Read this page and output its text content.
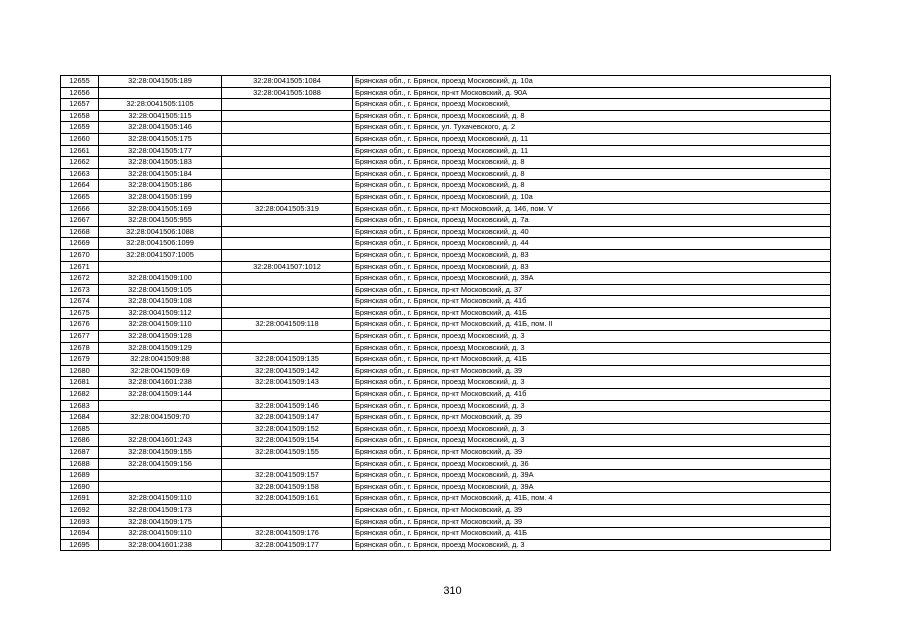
12655	32:28:0041505:189	32:28:0041505:1084	Брянская обл., г. Брянск, проезд Московский, д. 10а
12656		32:28:0041505:1088	Брянская обл., г. Брянск, пр-кт Московский, д. 90А
12657	32:28:0041505:1105		Брянская обл., г. Брянск, проезд Московский,
12658	32:28:0041505:115		Брянская обл., г. Брянск, проезд Московский, д. 8
12659	32:28:0041505:146		Брянская обл., г. Брянск, ул. Тухачевского, д. 2
12660	32:28:0041505:175		Брянская обл., г. Брянск, проезд Московский, д. 11
12661	32:28:0041505:177		Брянская обл., г. Брянск, проезд Московский, д. 11
12662	32:28:0041505:183		Брянская обл., г. Брянск, проезд Московский, д. 8
12663	32:28:0041505:184		Брянская обл., г. Брянск, проезд Московский, д. 8
12664	32:28:0041505:186		Брянская обл., г. Брянск, проезд Московский, д. 8
12665	32:28:0041505:199		Брянская обл., г. Брянск, проезд Московский, д. 10а
12666	32:28:0041505:169	32:28:0041505:319	Брянская обл., г. Брянск, пр-кт Московский, д. 146, пом. V
12667	32:28:0041505:955		Брянская обл., г. Брянск, проезд Московский, д. 7а
12668	32:28:0041506:1088		Брянская обл., г. Брянск, проезд Московский, д. 40
12669	32:28:0041506:1099		Брянская обл., г. Брянск, проезд Московский, д. 44
12670	32:28:0041507:1005		Брянская обл., г. Брянск, проезд Московский, д. 83
12671		32:28:0041507:1012	Брянская обл., г. Брянск, проезд Московский, д. 83
12672	32:28:0041509:100		Брянская обл., г. Брянск, проезд Московский, д. 39А
12673	32:28:0041509:105		Брянская обл., г. Брянск, пр-кт Московский, д. 37
12674	32:28:0041509:108		Брянская обл., г. Брянск, пр-кт Московский, д. 41б
12675	32:28:0041509:112		Брянская обл., г. Брянск, пр-кт Московский, д. 41Б
12676	32:28:0041509:110	32:28:0041509:118	Брянская обл., г. Брянск, пр-кт Московский, д. 41Б, пом. II
12677	32:28:0041509:128		Брянская обл., г. Брянск, проезд Московский, д. 3
12678	32:28:0041509:129		Брянская обл., г. Брянск, проезд Московский, д. 3
12679	32:28:0041509:88	32:28:0041509:135	Брянская обл., г. Брянск, пр-кт Московский, д. 41Б
12680	32:28:0041509:69	32:28:0041509:142	Брянская обл., г. Брянск, пр-кт Московский, д. 39
12681	32:28:0041601:238	32:28:0041509:143	Брянская обл., г. Брянск, проезд Московский, д. 3
12682	32:28:0041509:144		Брянская обл., г. Брянск, пр-кт Московский, д. 41б
12683		32:28:0041509:146	Брянская обл., г. Брянск, проезд Московский, д. 3
12684	32:28:0041509:70	32:28:0041509:147	Брянская обл., г. Брянск, пр-кт Московский, д. 39
12685		32:28:0041509:152	Брянская обл., г. Брянск, проезд Московский, д. 3
12686	32:28:0041601:243	32:28:0041509:154	Брянская обл., г. Брянск, проезд Московский, д. 3
12687	32:28:0041509:155	32:28:0041509:155	Брянская обл., г. Брянск, пр-кт Московский, д. 39
12688	32:28:0041509:156		Брянская обл., г. Брянск, проезд Московский, д. 36
12689		32:28:0041509:157	Брянская обл., г. Брянск, проезд Московский, д. 39А
12690		32:28:0041509:158	Брянская обл., г. Брянск, проезд Московский, д. 39А
12691	32:28:0041509:110	32:28:0041509:161	Брянская обл., г. Брянск, пр-кт Московский, д. 41Б, пом. 4
12692	32:28:0041509:173		Брянская обл., г. Брянск, пр-кт Московский, д. 39
12693	32:28:0041509:175		Брянская обл., г. Брянск, пр-кт Московский, д. 39
12694	32:28:0041509:110	32:28:0041509:176	Брянская обл., г. Брянск, пр-кт Московский, д. 41Б
12695	32:28:0041601:238	32:28:0041509:177	Брянская обл., г. Брянск, проезд Московский, д. 3
310
